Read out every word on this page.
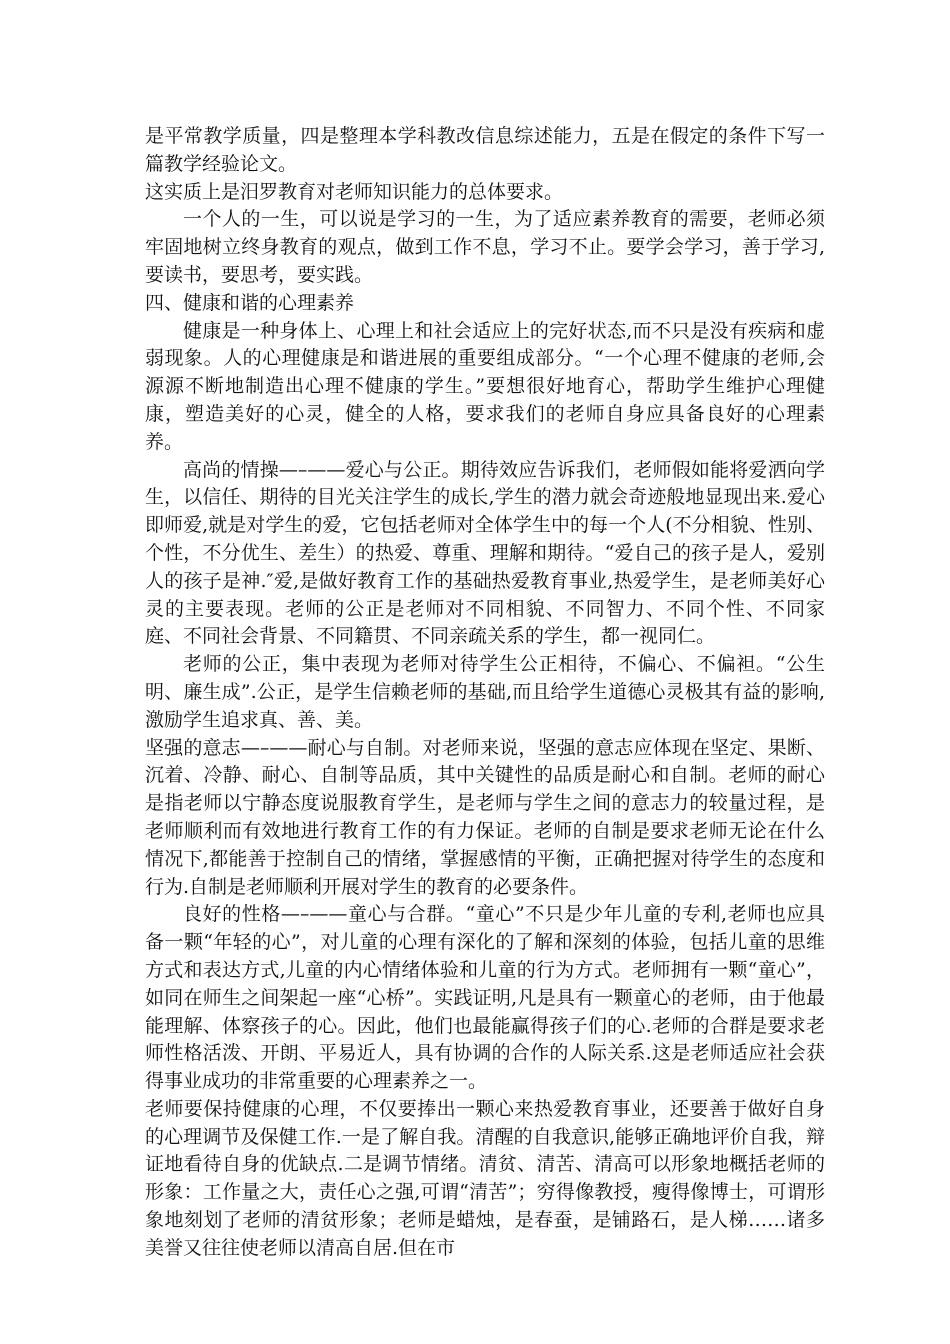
是平常教学质量，四是整理本学科教改信息综述能力，五是在假定的条件下写一篇教学经验论文。

这实质上是汨罗教育对老师知识能力的总体要求。

一个人的一生，可以说是学习的一生，为了适应素养教育的需要，老师必须牢固地树立终身教育的观点，做到工作不息，学习不止。要学会学习，善于学习,要读书，要思考，要实践。

四、健康和谐的心理素养

健康是一种身体上、心理上和社会适应上的完好状态,而不只是没有疾病和虚弱现象。人的心理健康是和谐进展的重要组成部分。“一个心理不健康的老师,会源源不断地制造出心理不健康的学生。”要想很好地育心，帮助学生维护心理健康，塑造美好的心灵，健全的人格，要求我们的老师自身应具备良好的心理素养。

高尚的情操—–——爱心与公正。期待效应告诉我们，老师假如能将爱洒向学生，以信任、期待的目光关注学生的成长,学生的潜力就会奇迹般地显现出来.爱心即师爱,就是对学生的爱，它包括老师对全体学生中的每一个人(不分相貌、性别、个性，不分优生、差生）的热爱、尊重、理解和期待。“爱自己的孩子是人，爱别人的孩子是神.″爱,是做好教育工作的基础热爱教育事业,热爱学生，是老师美好心灵的主要表现。老师的公正是老师对不同相貌、不同智力、不同个性、不同家庭、不同社会背景、不同籍贯、不同亲疏关系的学生，都一视同仁。

老师的公正，集中表现为老师对待学生公正相待，不偏心、不偏袒。“公生明、廉生成”.公正，是学生信赖老师的基础,而且给学生道德心灵极其有益的影响,激励学生追求真、善、美。

坚强的意志—–——耐心与自制。对老师来说，坚强的意志应体现在坚定、果断、沉着、冷静、耐心、自制等品质，其中关键性的品质是耐心和自制。老师的耐心是指老师以宁静态度说服教育学生，是老师与学生之间的意志力的较量过程，是老师顺利而有效地进行教育工作的有力保证。老师的自制是要求老师无论在什么情况下,都能善于控制自己的情绪，掌握感情的平衡，正确把握对待学生的态度和行为.自制是老师顺利开展对学生的教育的必要条件。

良好的性格—–——童心与合群。“童心”不只是少年儿童的专利,老师也应具备一颗“年轻的心”，对儿童的心理有深化的了解和深刻的体验，包括儿童的思维方式和表达方式,儿童的内心情绪体验和儿童的行为方式。老师拥有一颗“童心”，如同在师生之间架起一座“心桥”。实践证明,凡是具有一颗童心的老师，由于他最能理解、体察孩子的心。因此，他们也最能赢得孩子们的心.老师的合群是要求老师性格活泼、开朗、平易近人，具有协调的合作的人际关系.这是老师适应社会获得事业成功的非常重要的心理素养之一。

老师要保持健康的心理，不仅要捧出一颗心来热爱教育事业，还要善于做好自身的心理调节及保健工作.一是了解自我。清醒的自我意识,能够正确地评价自我，辩证地看待自身的优缺点.二是调节情绪。清贫、清苦、清高可以形象地概括老师的形象：工作量之大，责任心之强,可谓“清苦”；穷得像教授，瘦得像博士，可谓形象地刻划了老师的清贫形象；老师是蜡烛，是春蚕，是铺路石，是人梯……诸多美誉又往往使老师以清高自居.但在市
